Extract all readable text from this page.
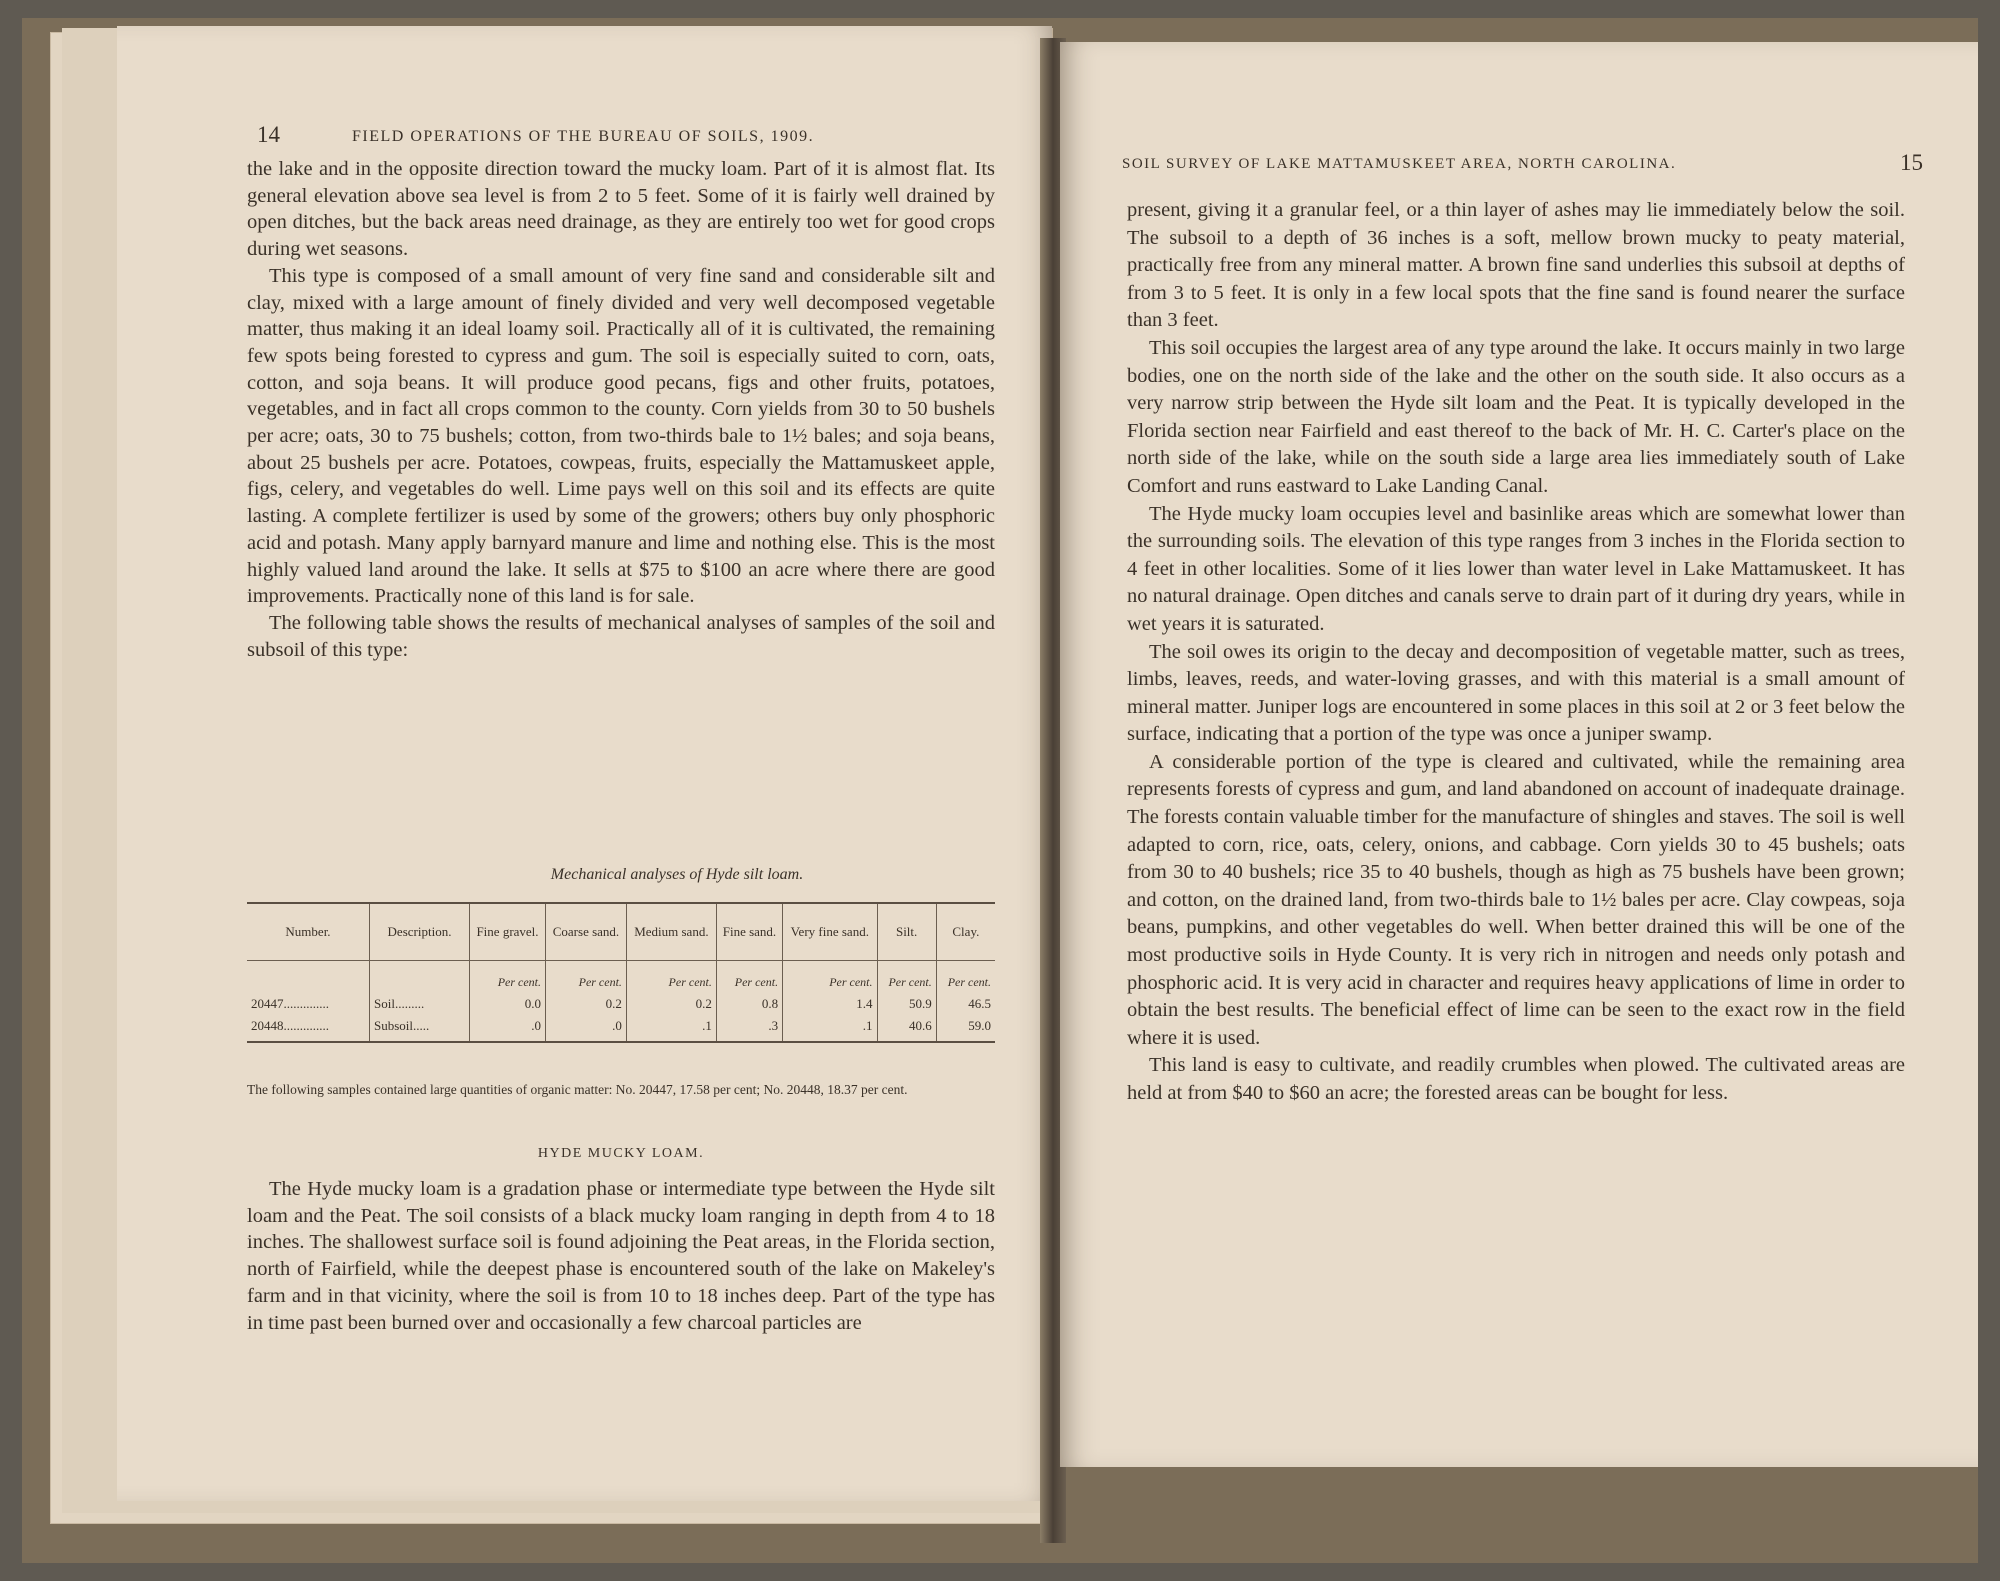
14	FIELD OPERATIONS OF THE BUREAU OF SOILS, 1909.

the lake and in the opposite direction toward the mucky loam. Part of it is almost flat. Its general elevation above sea level is from 2 to 5 feet. Some of it is fairly well drained by open ditches, but the back areas need drainage, as they are entirely too wet for good crops during wet seasons.

This type is composed of a small amount of very fine sand and considerable silt and clay, mixed with a large amount of finely divided and very well decomposed vegetable matter, thus making it an ideal loamy soil. Practically all of it is cultivated, the remaining few spots being forested to cypress and gum. The soil is especially suited to corn, oats, cotton, and soja beans. It will produce good pecans, figs and other fruits, potatoes, vegetables, and in fact all crops common to the county. Corn yields from 30 to 50 bushels per acre; oats, 30 to 75 bushels; cotton, from two-thirds bale to 1½ bales; and soja beans, about 25 bushels per acre. Potatoes, cowpeas, fruits, especially the Mattamuskeet apple, figs, celery, and vegetables do well. Lime pays well on this soil and its effects are quite lasting. A complete fertilizer is used by some of the growers; others buy only phosphoric acid and potash. Many apply barnyard manure and lime and nothing else. This is the most highly valued land around the lake. It sells at $75 to $100 an acre where there are good improvements. Practically none of this land is for sale.

The following table shows the results of mechanical analyses of samples of the soil and subsoil of this type:

Mechanical analyses of Hyde silt loam.
Number.	Description.	Fine gravel.	Coarse sand.	Medium sand.	Fine sand.	Very fine sand.	Silt.	Clay.
		Per cent.	Per cent.	Per cent.	Per cent.	Per cent.	Per cent.	Per cent.
20447..............	Soil.........	0.0	0.2	0.2	0.8	1.4	50.9	46.5
20448..............	Subsoil.....	.0	.0	.1	.3	.1	40.6	59.0
The following samples contained large quantities of organic matter: No. 20447, 17.58 per cent; No. 20448, 18.37 per cent.
HYDE MUCKY LOAM.

The Hyde mucky loam is a gradation phase or intermediate type between the Hyde silt loam and the Peat. The soil consists of a black mucky loam ranging in depth from 4 to 18 inches. The shallowest surface soil is found adjoining the Peat areas, in the Florida section, north of Fairfield, while the deepest phase is encountered south of the lake on Makeley's farm and in that vicinity, where the soil is from 10 to 18 inches deep. Part of the type has in time past been burned over and occasionally a few charcoal particles are

SOIL SURVEY OF LAKE MATTAMUSKEET AREA, NORTH CAROLINA.	15

present, giving it a granular feel, or a thin layer of ashes may lie immediately below the soil. The subsoil to a depth of 36 inches is a soft, mellow brown mucky to peaty material, practically free from any mineral matter. A brown fine sand underlies this subsoil at depths of from 3 to 5 feet. It is only in a few local spots that the fine sand is found nearer the surface than 3 feet.

This soil occupies the largest area of any type around the lake. It occurs mainly in two large bodies, one on the north side of the lake and the other on the south side. It also occurs as a very narrow strip between the Hyde silt loam and the Peat. It is typically developed in the Florida section near Fairfield and east thereof to the back of Mr. H. C. Carter's place on the north side of the lake, while on the south side a large area lies immediately south of Lake Comfort and runs eastward to Lake Landing Canal.

The Hyde mucky loam occupies level and basinlike areas which are somewhat lower than the surrounding soils. The elevation of this type ranges from 3 inches in the Florida section to 4 feet in other localities. Some of it lies lower than water level in Lake Mattamuskeet. It has no natural drainage. Open ditches and canals serve to drain part of it during dry years, while in wet years it is saturated.

The soil owes its origin to the decay and decomposition of vegetable matter, such as trees, limbs, leaves, reeds, and water-loving grasses, and with this material is a small amount of mineral matter. Juniper logs are encountered in some places in this soil at 2 or 3 feet below the surface, indicating that a portion of the type was once a juniper swamp.

A considerable portion of the type is cleared and cultivated, while the remaining area represents forests of cypress and gum, and land abandoned on account of inadequate drainage. The forests contain valuable timber for the manufacture of shingles and staves. The soil is well adapted to corn, rice, oats, celery, onions, and cabbage. Corn yields 30 to 45 bushels; oats from 30 to 40 bushels; rice 35 to 40 bushels, though as high as 75 bushels have been grown; and cotton, on the drained land, from two-thirds bale to 1½ bales per acre. Clay cowpeas, soja beans, pumpkins, and other vegetables do well. When better drained this will be one of the most productive soils in Hyde County. It is very rich in nitrogen and needs only potash and phosphoric acid. It is very acid in character and requires heavy applications of lime in order to obtain the best results. The beneficial effect of lime can be seen to the exact row in the field where it is used.

This land is easy to cultivate, and readily crumbles when plowed. The cultivated areas are held at from $40 to $60 an acre; the forested areas can be bought for less.
